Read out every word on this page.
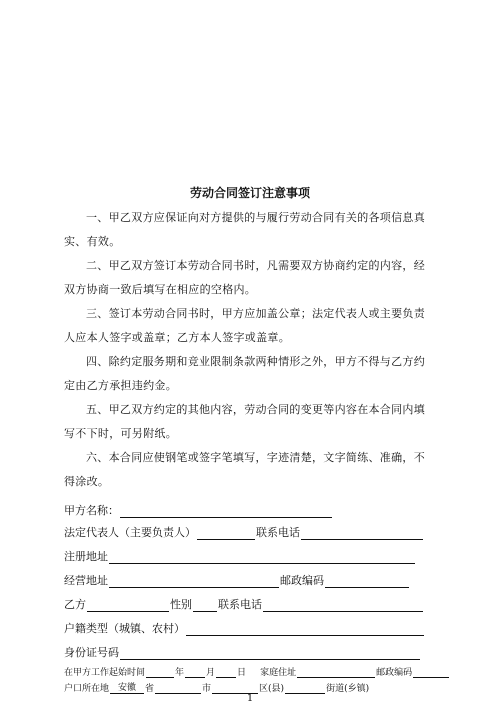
劳动合同签订注意事项
一、甲乙双方应保证向对方提供的与履行劳动合同有关的各项信息真实、有效。
二、甲乙双方签订本劳动合同书时，凡需要双方协商约定的内容，经双方协商一致后填写在相应的空格内。
三、签订本劳动合同书时，甲方应加盖公章；法定代表人或主要负责人应本人签字或盖章；乙方本人签字或盖章。
四、除约定服务期和竞业限制条款两种情形之外，甲方不得与乙方约定由乙方承担违约金。
五、甲乙双方约定的其他内容，劳动合同的变更等内容在本合同内填写不下时，可另附纸。
六、本合同应使钢笔或签字笔填写，字迹清楚，文字简练、准确，不得涂改。
甲方名称：
法定代表人（主要负责人）	联系电话
注册地址
经营地址	邮政编码
乙方	性别 联系电话
户籍类型（城镇、农村）
身份证号码
在甲方工作起始时间	年 月 日 家庭住址	邮政编码
户口所在地 安徽	省	市	区(县)	街道(乡镇)
1
